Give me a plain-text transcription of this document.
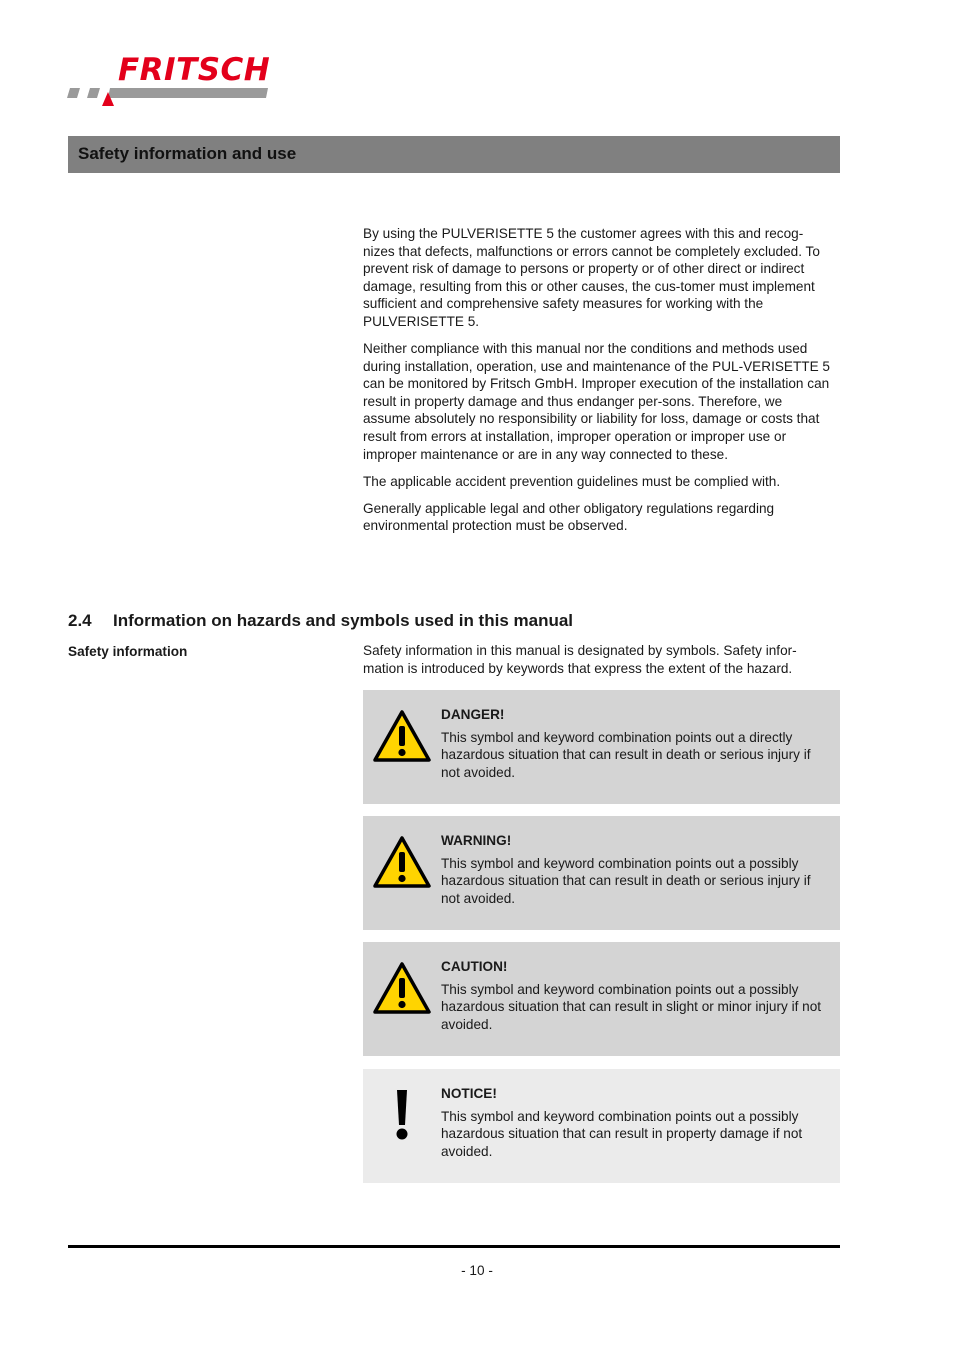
FRITSCH
Safety information and use

By using the PULVERISETTE 5 the customer agrees with this and recog-nizes that defects, malfunctions or errors cannot be completely excluded. To prevent risk of damage to persons or property or of other direct or indirect damage, resulting from this or other causes, the cus-tomer must implement sufficient and comprehensive safety measures for working with the PULVERISETTE 5.

Neither compliance with this manual nor the conditions and methods used during installation, operation, use and maintenance of the PUL-VERISETTE 5 can be monitored by Fritsch GmbH. Improper execution of the installation can result in property damage and thus endanger per-sons. Therefore, we assume absolutely no responsibility or liability for loss, damage or costs that result from errors at installation, improper operation or improper use or improper maintenance or are in any way connected to these.

The applicable accident prevention guidelines must be complied with.

Generally applicable legal and other obligatory regulations regarding environmental protection must be observed.

2.4 Information on hazards and symbols used in this manual
Safety information	Safety information in this manual is designated by symbols. Safety infor-mation is introduced by keywords that express the extent of the hazard.
DANGER!
This symbol and keyword combination points out a directly hazardous situation that can result in death or serious injury if not avoided.
WARNING!
This symbol and keyword combination points out a possibly hazardous situation that can result in death or serious injury if not avoided.
CAUTION!
This symbol and keyword combination points out a possibly hazardous situation that can result in slight or minor injury if not avoided.
NOTICE!
This symbol and keyword combination points out a possibly hazardous situation that can result in property damage if not avoided.
- 10 -
